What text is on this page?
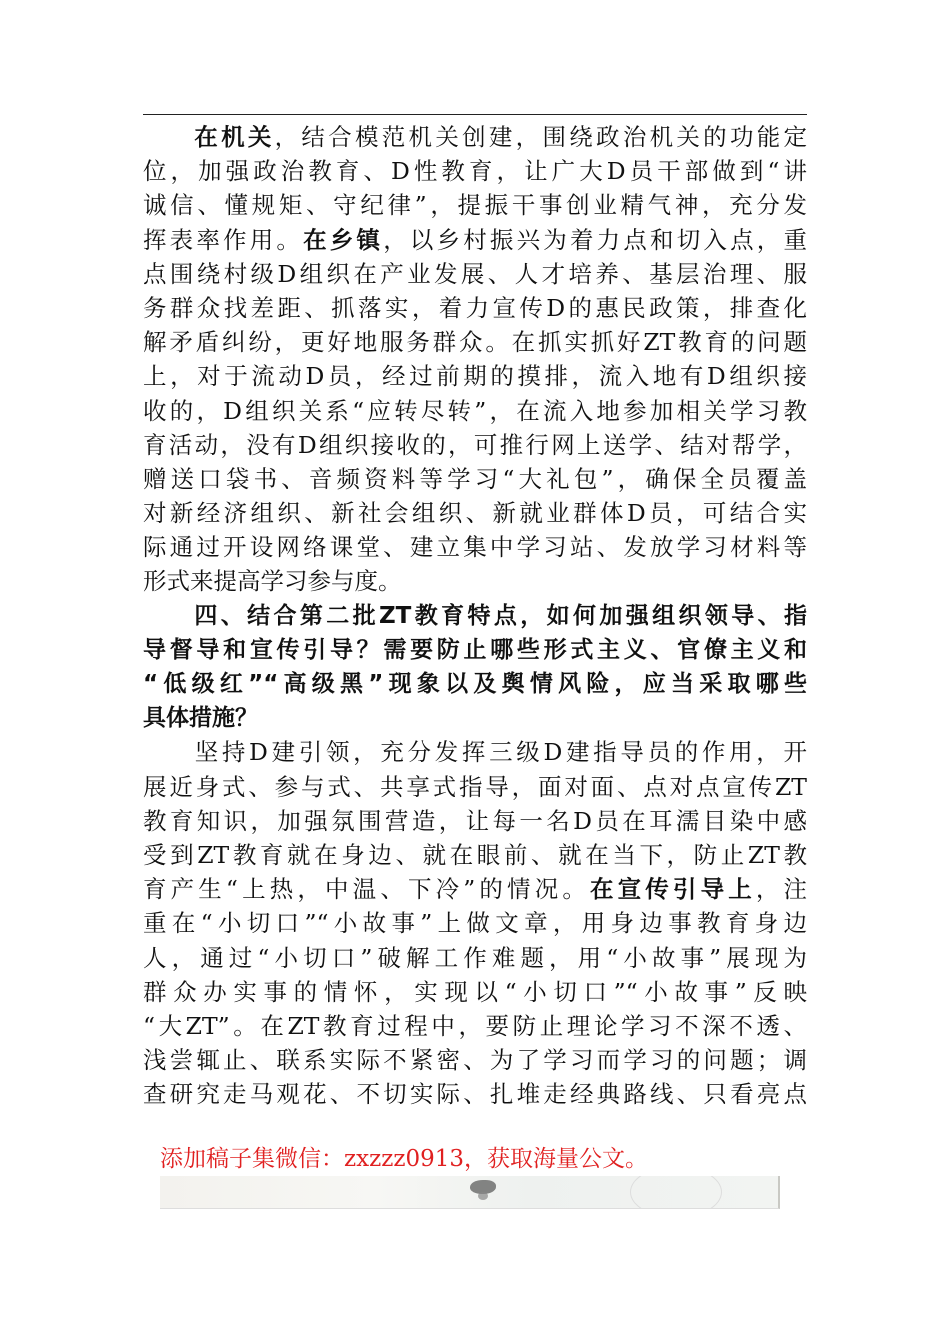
在机关，结合模范机关创建，围绕政治机关的功能定
位，加强政治教育、D性教育，让广大D员干部做到“讲
诚信、懂规矩、守纪律”，提振干事创业精气神，充分发
挥表率作用。在乡镇，以乡村振兴为着力点和切入点，重
点围绕村级D组织在产业发展、人才培养、基层治理、服
务群众找差距、抓落实，着力宣传D的惠民政策，排查化
解矛盾纠纷，更好地服务群众。在抓实抓好ZT教育的问题
上，对于流动D员，经过前期的摸排，流入地有D组织接
收的，D组织关系“应转尽转”，在流入地参加相关学习教
育活动，没有D组织接收的，可推行网上送学、结对帮学，
赠送口袋书、音频资料等学习“大礼包”，确保全员覆盖
对新经济组织、新社会组织、新就业群体D员，可结合实
际通过开设网络课堂、建立集中学习站、发放学习材料等
形式来提高学习参与度。
四、结合第二批ZT教育特点，如何加强组织领导、指
导督导和宣传引导？需要防止哪些形式主义、官僚主义和
“低级红”“高级黑”现象以及舆情风险，应当采取哪些
具体措施？
坚持D建引领，充分发挥三级D建指导员的作用，开
展近身式、参与式、共享式指导，面对面、点对点宣传ZT
教育知识，加强氛围营造，让每一名D员在耳濡目染中感
受到ZT教育就在身边、就在眼前、就在当下，防止ZT教
育产生“上热，中温、下冷”的情况。在宣传引导上，注
重在“小切口”“小故事”上做文章，用身边事教育身边
人，通过“小切口”破解工作难题，用“小故事”展现为
群众办实事的情怀，实现以“小切口”“小故事”反映
“大ZT”。在ZT教育过程中，要防止理论学习不深不透、
浅尝辄止、联系实际不紧密、为了学习而学习的问题；调
查研究走马观花、不切实际、扎堆走经典路线、只看亮点
添加稿子集微信：zxzzz0913，获取海量公文。
